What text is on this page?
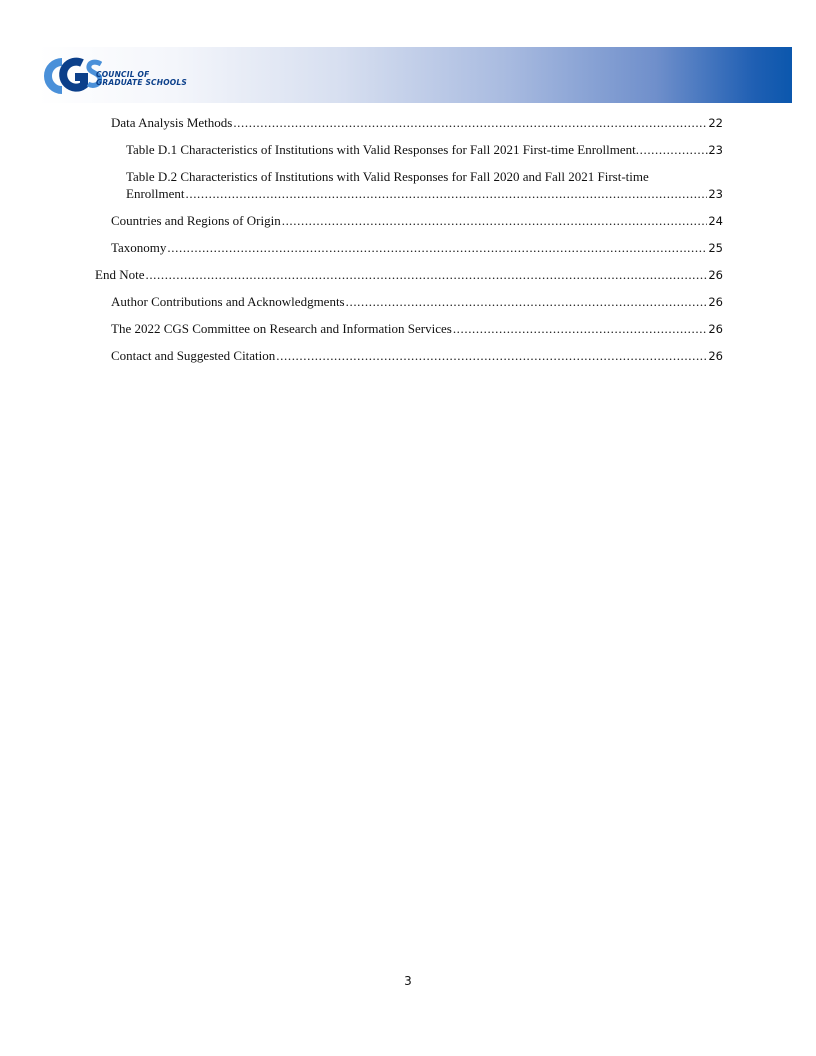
COUNCIL OF
GRADUATE SCHOOLS
Data Analysis Methods .....	22
Table D.1 Characteristics of Institutions with Valid Responses for Fall 2021 First-time Enrollment .....	23
Table D.2 Characteristics of Institutions with Valid Responses for Fall 2020 and Fall 2021 First-time
Enrollment .....	23
Countries and Regions of Origin .....	24
Taxonomy .....	25
End Note .....	26
Author Contributions and Acknowledgments .....	26
The 2022 CGS Committee on Research and Information Services .....	26
Contact and Suggested Citation .....	26
3
